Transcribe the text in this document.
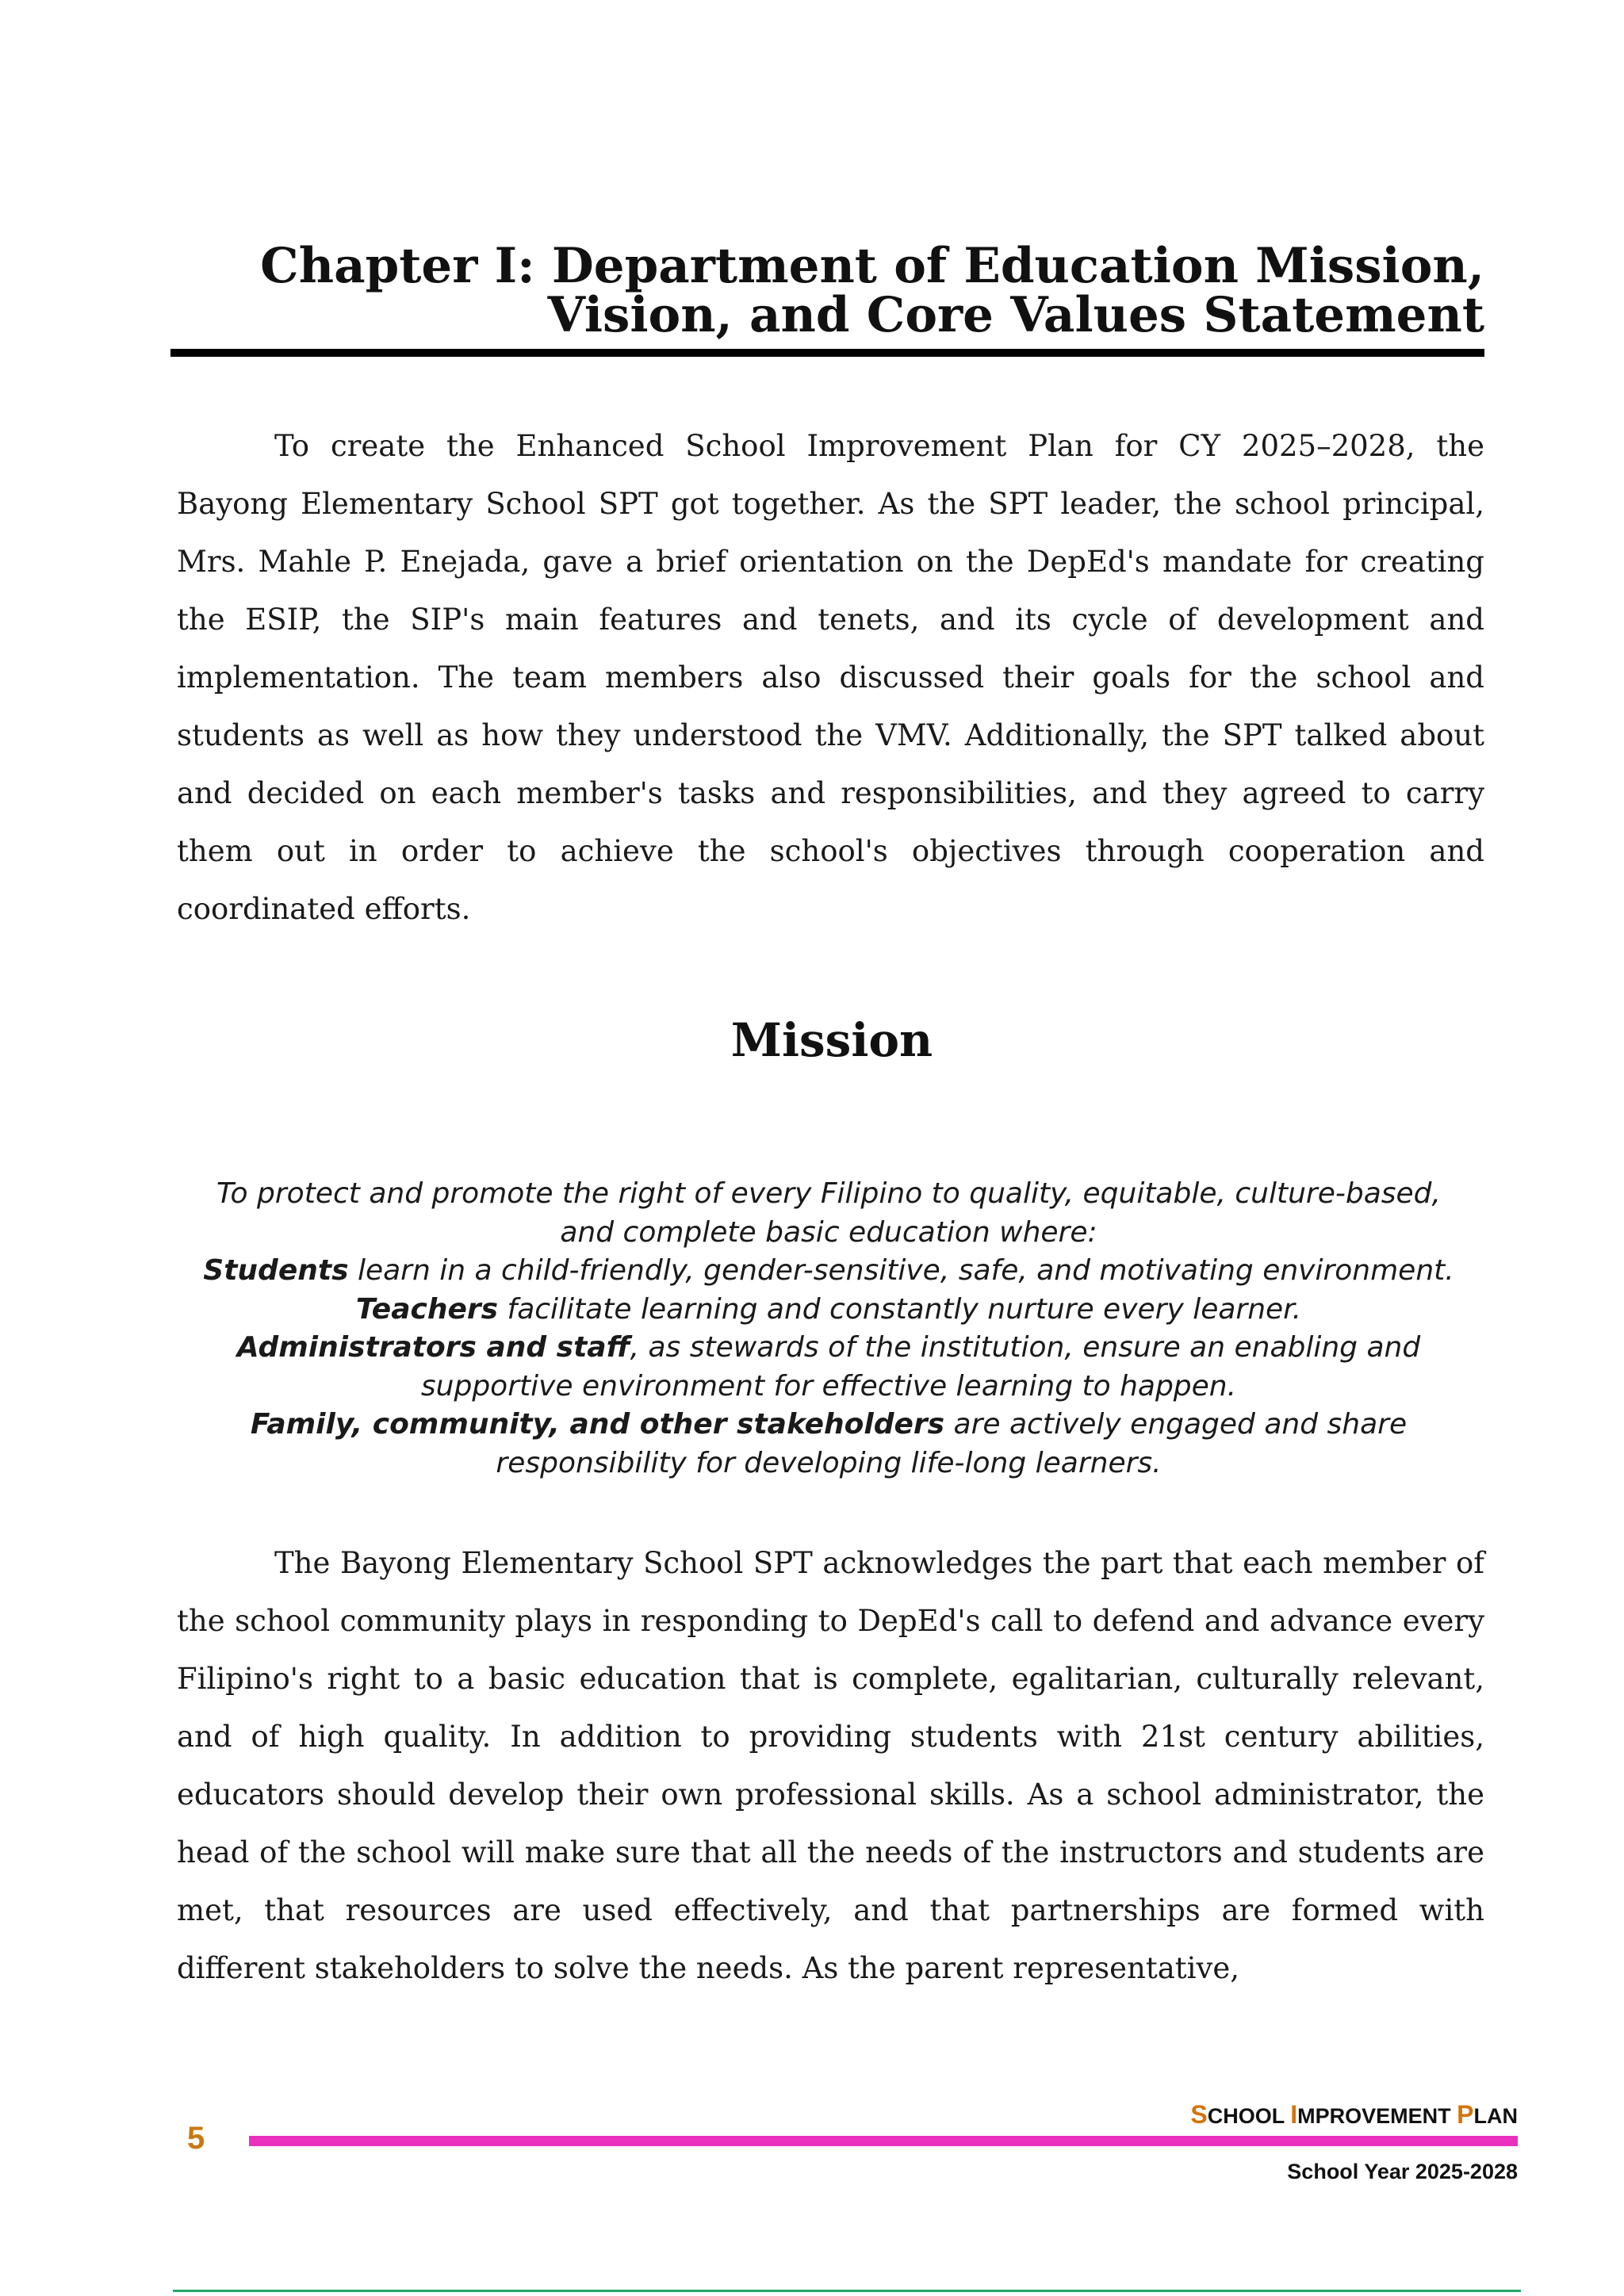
Chapter I: Department of Education Mission,
Vision, and Core Values Statement

To create the Enhanced School Improvement Plan for CY 2025–2028, the Bayong Elementary School SPT got together. As the SPT leader, the school principal, Mrs. Mahle P. Enejada, gave a brief orientation on the DepEd's mandate for creating the ESIP, the SIP's main features and tenets, and its cycle of development and implementation. The team members also discussed their goals for the school and students as well as how they understood the VMV. Additionally, the SPT talked about and decided on each member's tasks and responsibilities, and they agreed to carry them out in order to achieve the school's objectives through cooperation and coordinated efforts.

Mission
To protect and promote the right of every Filipino to quality, equitable, culture-based,
and complete basic education where:
Students learn in a child-friendly, gender-sensitive, safe, and motivating environment.
Teachers facilitate learning and constantly nurture every learner.
Administrators and staff, as stewards of the institution, ensure an enabling and
supportive environment for effective learning to happen.
Family, community, and other stakeholders are actively engaged and share
responsibility for developing life-long learners.

The Bayong Elementary School SPT acknowledges the part that each member of the school community plays in responding to DepEd's call to defend and advance every Filipino's right to a basic education that is complete, egalitarian, culturally relevant, and of high quality. In addition to providing students with 21st century abilities, educators should develop their own professional skills. As a school administrator, the head of the school will make sure that all the needs of the instructors and students are met, that resources are used effectively, and that partnerships are formed with different stakeholders to solve the needs. As the parent representative,

5
SCHOOL IMPROVEMENT PLAN
School Year 2025-2028
